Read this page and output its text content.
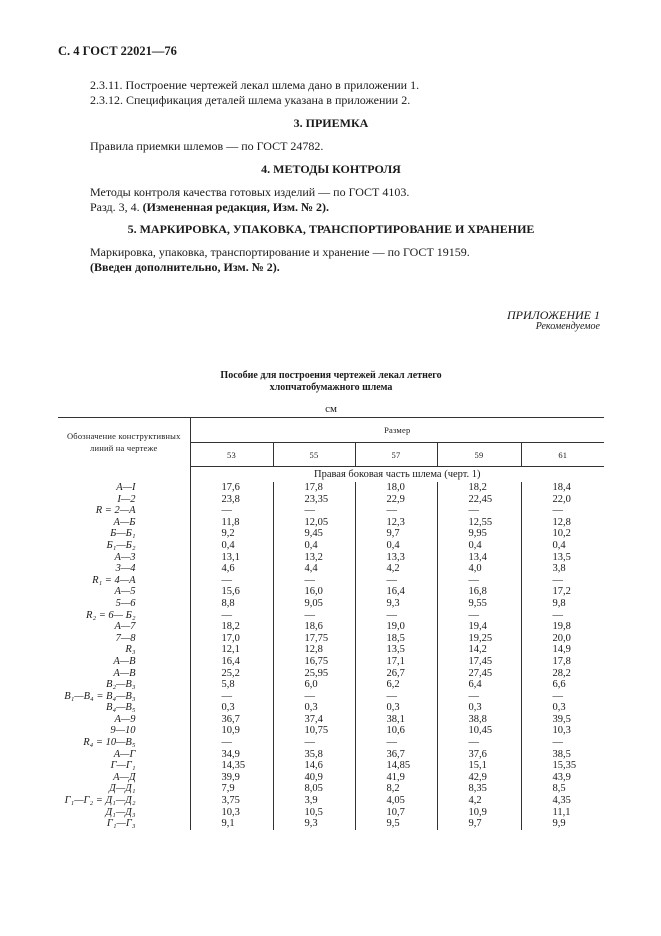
С. 4 ГОСТ 22021—76
2.3.11. Построение чертежей лекал шлема дано в приложении 1.
2.3.12. Спецификация деталей шлема указана в приложении 2.
3. ПРИЕМКА
Правила приемки шлемов — по ГОСТ 24782.
4. МЕТОДЫ КОНТРОЛЯ
Методы контроля качества готовых изделий — по ГОСТ 4103.
Разд. 3, 4. (Измененная редакция, Изм. № 2).
5. МАРКИРОВКА, УПАКОВКА, ТРАНСПОРТИРОВАНИЕ И ХРАНЕНИЕ
Маркировка, упаковка, транспортирование и хранение — по ГОСТ 19159.
(Введен дополнительно, Изм. № 2).
ПРИЛОЖЕНИЕ 1
Рекомендуемое
Пособие для построения чертежей лекал летнего
хлопчатобумажного шлема
см
Обозначение конструктивных линий на чертеже	Размер				
	53	55	57	59	61
	Правая боковая часть шлема (черт. 1)				
А—I	17,6	17,8	18,0	18,2	18,4
I—2	23,8	23,35	22,9	22,45	22,0
R = 2—А	—	—	—	—	—
А—Б	11,8	12,05	12,3	12,55	12,8
Б—Б₁	9,2	9,45	9,7	9,95	10,2
Б₁—Б₂	0,4	0,4	0,4	0,4	0,4
А—3	13,1	13,2	13,3	13,4	13,5
3—4	4,6	4,4	4,2	4,0	3,8
R₁ = 4—А	—	—	—	—	—
А—5	15,6	16,0	16,4	16,8	17,2
5—6	8,8	9,05	9,3	9,55	9,8
R₂ = 6— Б₂	—	—	—	—	—
А—7	18,2	18,6	19,0	19,4	19,8
7—8	17,0	17,75	18,5	19,25	20,0
R₃	12,1	12,8	13,5	14,2	14,9
А—В	16,4	16,75	17,1	17,45	17,8
А—В	25,2	25,95	26,7	27,45	28,2
В₂—В₃	5,8	6,0	6,2	6,4	6,6
В₁—В₄ = В₄—В₃	—	—	—	—	—
В₄—В₅	0,3	0,3	0,3	0,3	0,3
А—9	36,7	37,4	38,1	38,8	39,5
9—10	10,9	10,75	10,6	10,45	10,3
R₄ = 10—В₅	—	—	—	—	—
А—Г	34,9	35,8	36,7	37,6	38,5
Г—Г₁	14,35	14,6	14,85	15,1	15,35
А—Д	39,9	40,9	41,9	42,9	43,9
Д—Д₁	7,9	8,05	8,2	8,35	8,5
Г₁—Г₂ = Д₁—Д₂	3,75	3,9	4,05	4,2	4,35
Д₁—Д₃	10,3	10,5	10,7	10,9	11,1
Г₁—Г₃	9,1	9,3	9,5	9,7	9,9
